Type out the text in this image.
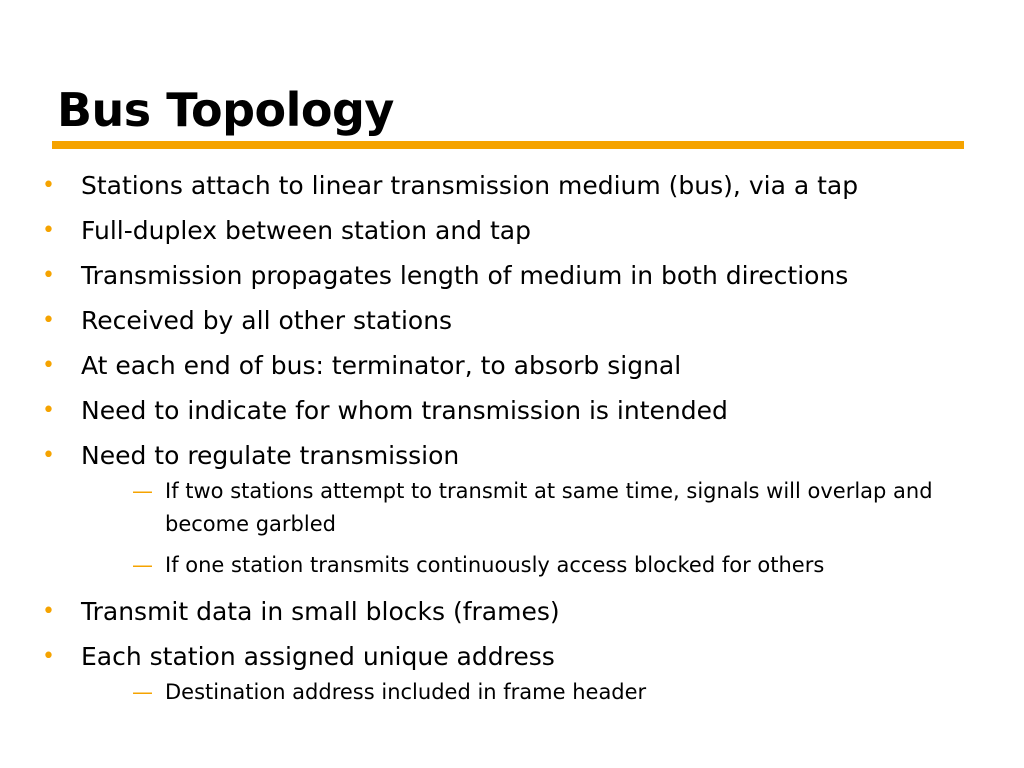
Bus Topology
• Stations attach to linear transmission medium (bus), via a tap
• Full-duplex between station and tap
• Transmission propagates length of medium in both directions
• Received by all other stations
• At each end of bus: terminator, to absorb signal
• Need to indicate for whom transmission is intended
• Need to regulate transmission
— If two stations attempt to transmit at same time, signals will overlap and become garbled
— If one station transmits continuously access blocked for others
• Transmit data in small blocks (frames)
• Each station assigned unique address
— Destination address included in frame header
